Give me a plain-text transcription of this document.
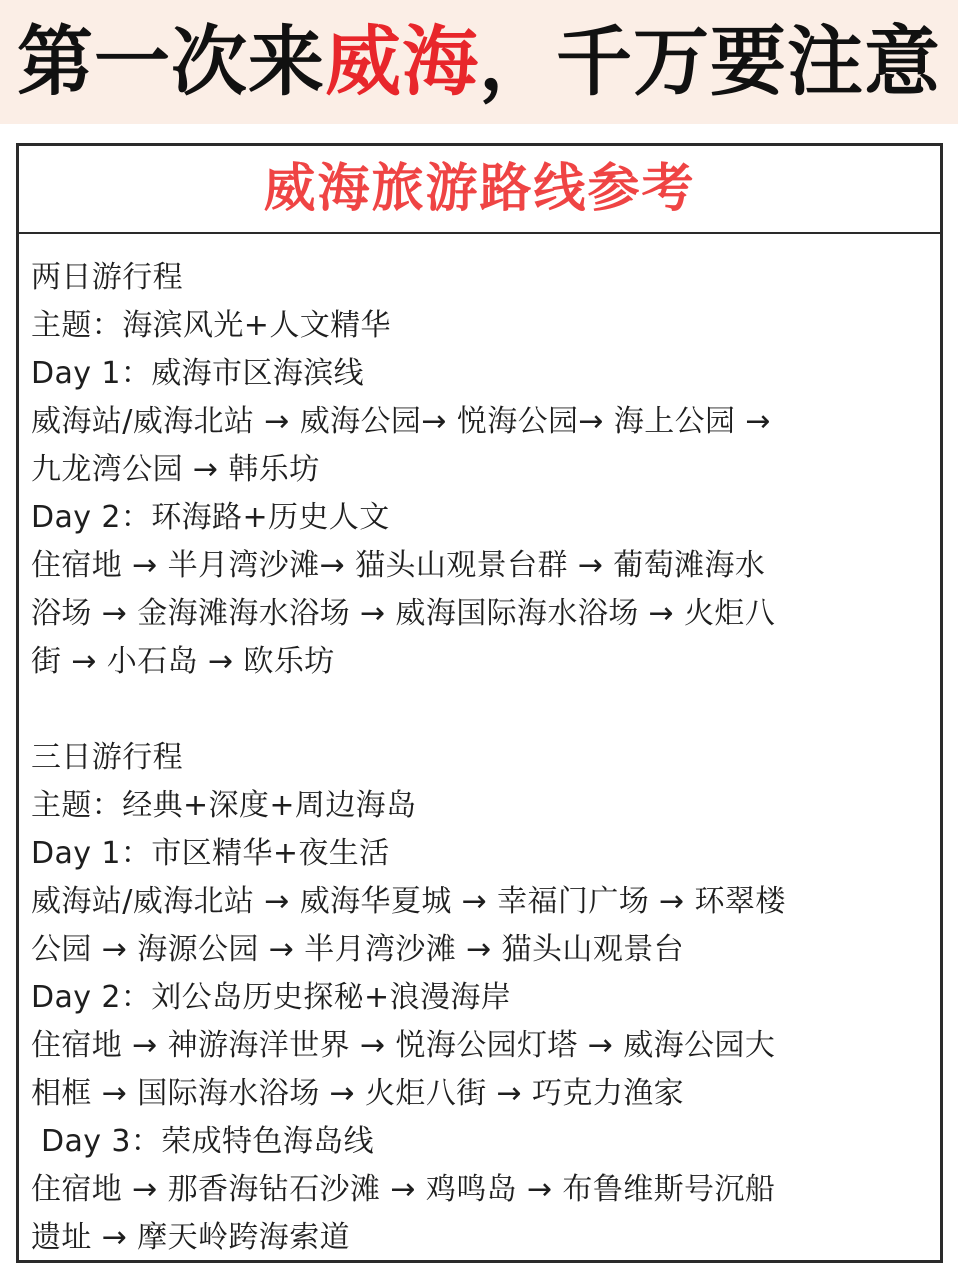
第一次来威海，千万要注意
威海旅游路线参考
两日游行程
主题：海滨风光+人文精华
Day 1：威海市区海滨线
威海站/威海北站 → 威海公园→ 悦海公园→ 海上公园 →
九龙湾公园 → 韩乐坊
Day 2：环海路+历史人文
住宿地 → 半月湾沙滩→ 猫头山观景台群 → 葡萄滩海水
浴场 → 金海滩海水浴场 → 威海国际海水浴场 → 火炬八
街 → 小石岛 → 欧乐坊
三日游行程
主题：经典+深度+周边海岛
Day 1：市区精华+夜生活
威海站/威海北站 → 威海华夏城 → 幸福门广场 → 环翠楼
公园 → 海源公园 → 半月湾沙滩 → 猫头山观景台
Day 2：刘公岛历史探秘+浪漫海岸
住宿地 → 神游海洋世界 → 悦海公园灯塔 → 威海公园大
相框 → 国际海水浴场 → 火炬八街 → 巧克力渔家
Day 3：荣成特色海岛线
住宿地 → 那香海钻石沙滩 → 鸡鸣岛 → 布鲁维斯号沉船
遗址 → 摩天岭跨海索道
